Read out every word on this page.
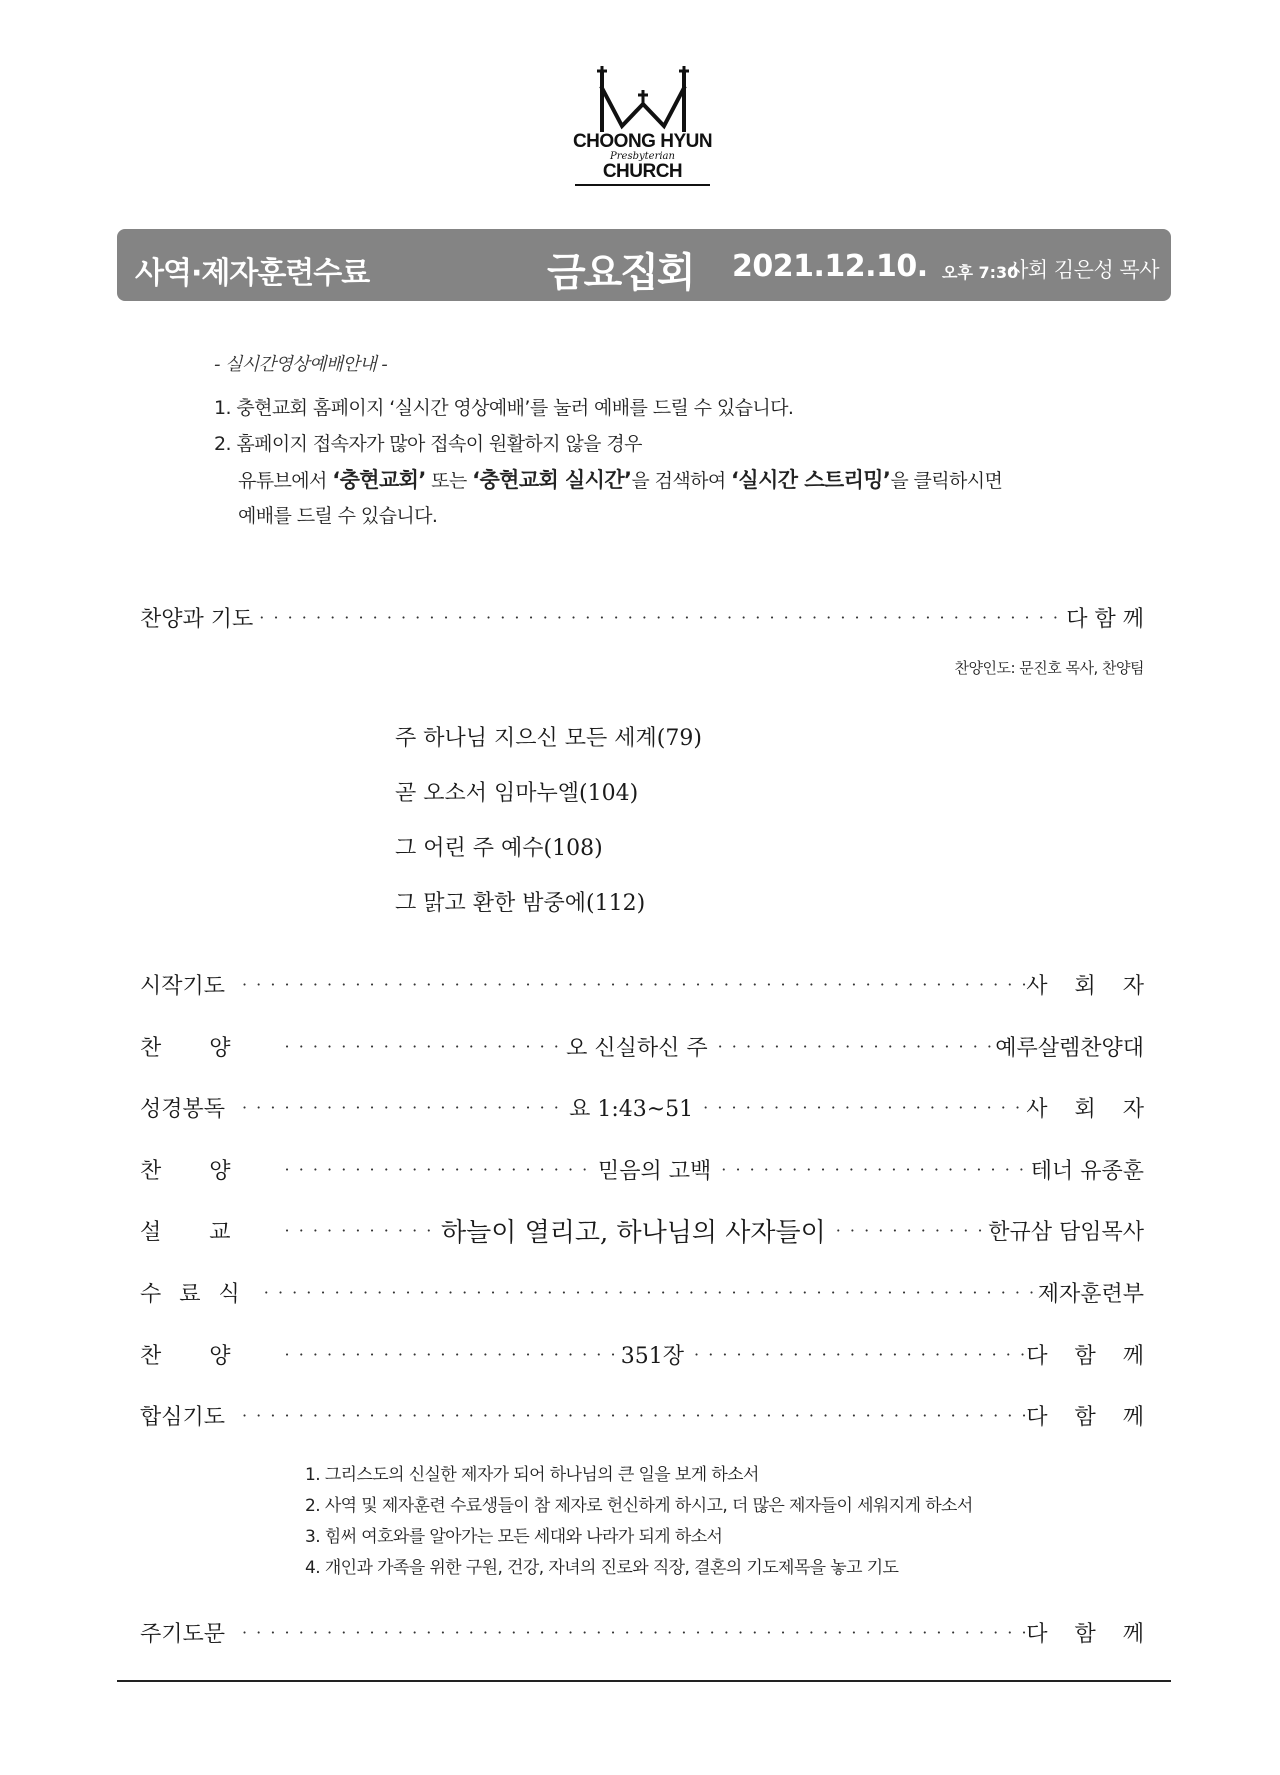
CHOONG HYUN
Presbyterian
CHURCH
사역·제자훈련수료	금요집회 2021.12.10. 오후 7:30
사회 김은성 목사
- 실시간영상예배안내 -
1. 충현교회 홈페이지 ‘실시간 영상예배’를 눌러 예배를 드릴 수 있습니다.
2. 홈페이지 접속자가 많아 접속이 원활하지 않을 경우
유튜브에서 ‘충현교회’ 또는 ‘충현교회 실시간’을 검색하여 ‘실시간 스트리밍’을 클릭하시면
예배를 드릴 수 있습니다.
찬양과 기도 · · ·	다 함 께
찬양인도: 문진호 목사, 찬양팀
주 하나님 지으신 모든 세계(79)
곧 오소서 임마누엘(104)
그 어린 주 예수(108)
그 맑고 환한 밤중에(112)
시작기도 · · ·	사 회 자
찬양 · · ·	오 신실하신 주 · · ·	예루살렘찬양대
성경봉독 · · ·	요 1:43~51 · · ·	사 회 자
찬양 · · ·	믿음의 고백 · · ·	테너 유종훈
설교 · · ·	하늘이 열리고, 하나님의 사자들이 · · ·	한규삼 담임목사
수료식 · · ·	제자훈련부
찬양 · · ·	351장 · · ·	다 함 께
합심기도 · · ·	다 함 께
1. 그리스도의 신실한 제자가 되어 하나님의 큰 일을 보게 하소서
2. 사역 및 제자훈련 수료생들이 참 제자로 헌신하게 하시고, 더 많은 제자들이 세워지게 하소서
3. 힘써 여호와를 알아가는 모든 세대와 나라가 되게 하소서
4. 개인과 가족을 위한 구원, 건강, 자녀의 진로와 직장, 결혼의 기도제목을 놓고 기도
주기도문 · · ·	다 함 께
